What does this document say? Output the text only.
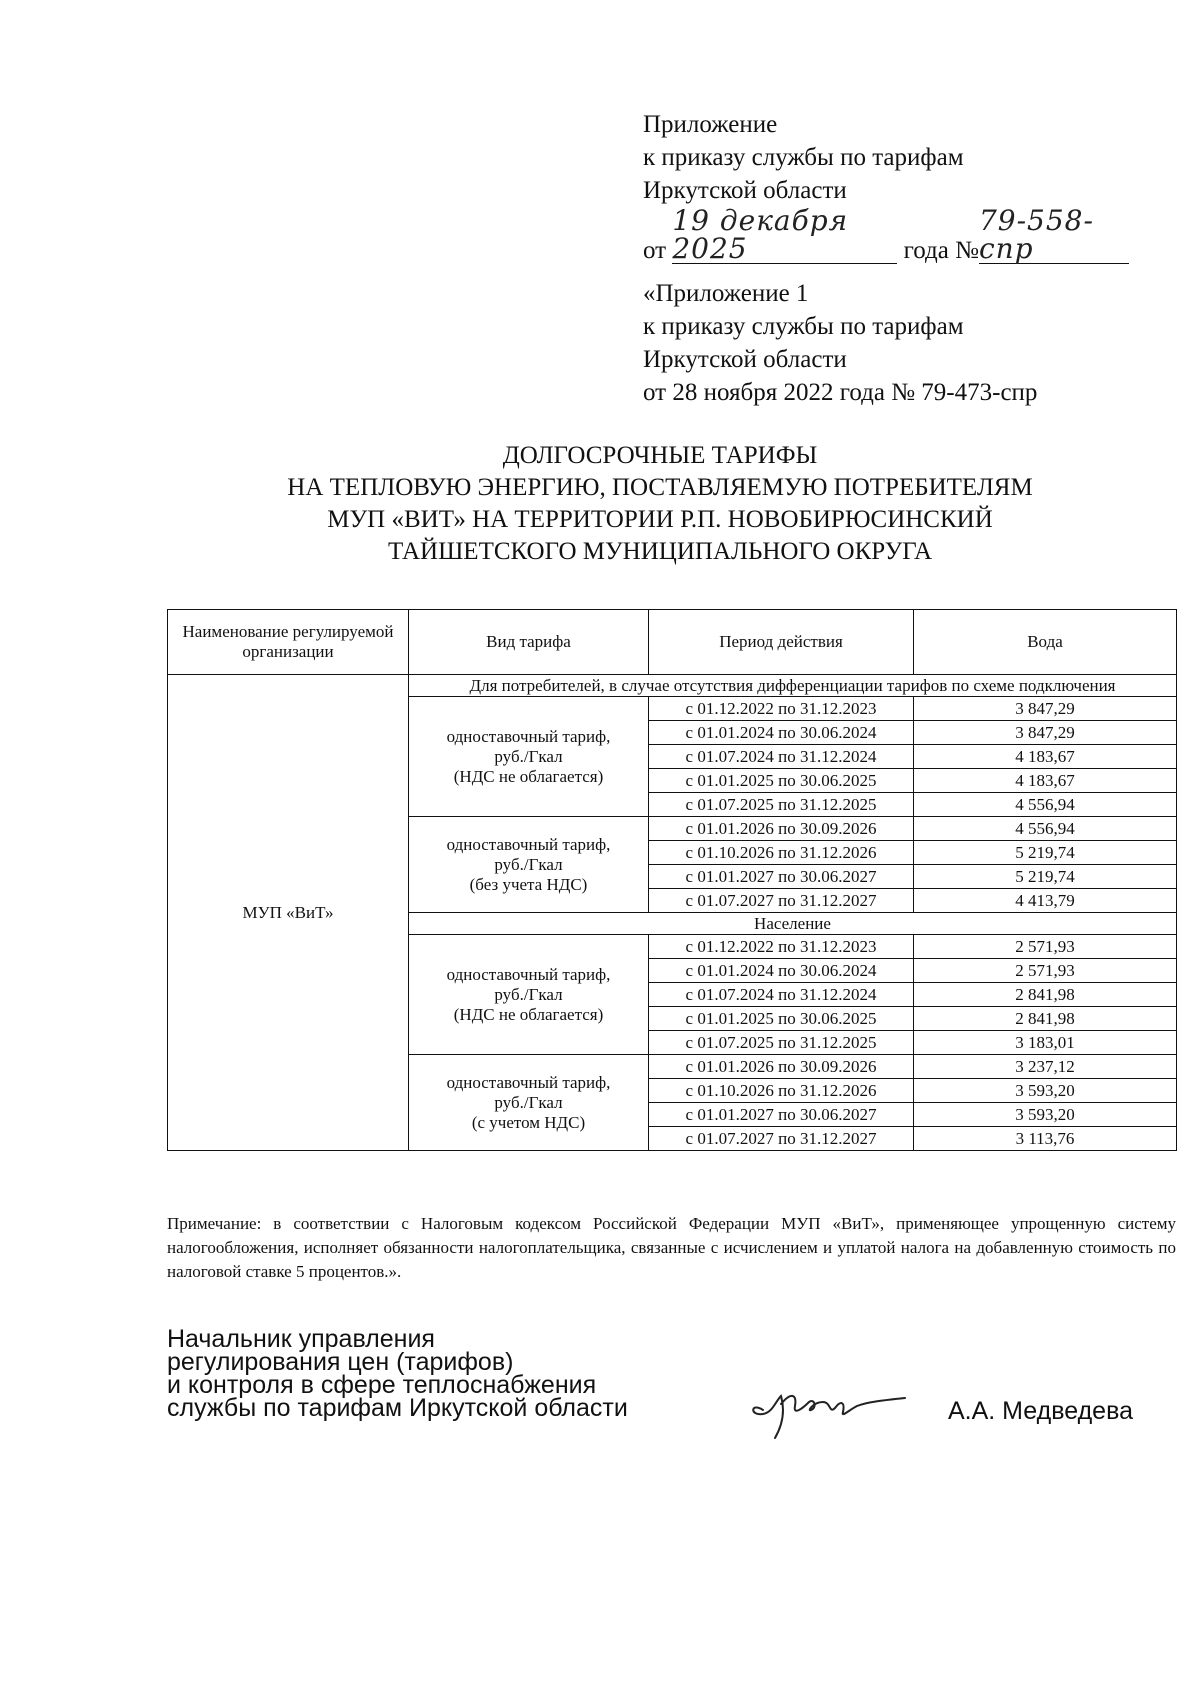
Приложение
к приказу службы по тарифам
Иркутской области
от 19 декабря 2025	года №79-558-спр
«Приложение 1
к приказу службы по тарифам
Иркутской области
от 28 ноября 2022 года № 79-473-спр
ДОЛГОСРОЧНЫЕ ТАРИФЫ
НА ТЕПЛОВУЮ ЭНЕРГИЮ, ПОСТАВЛЯЕМУЮ ПОТРЕБИТЕЛЯМ
МУП «ВИТ» НА ТЕРРИТОРИИ Р.П. НОВОБИРЮСИНСКИЙ
ТАЙШЕТСКОГО МУНИЦИПАЛЬНОГО ОКРУГА
Наименование регулируемой организации	Вид тарифа	Период действия	Вода
МУП «ВиТ»	Для потребителей, в случае отсутствия дифференциации тарифов по схеме подключения		

	одноставочный тариф,
руб./Гкал
(НДС не облагается)	с 01.12.2022 по 31.12.2023	3 847,29
		с 01.01.2024 по 30.06.2024	3 847,29
		с 01.07.2024 по 31.12.2024	4 183,67
		с 01.01.2025 по 30.06.2025	4 183,67
		с 01.07.2025 по 31.12.2025	4 556,94

	одноставочный тариф,
руб./Гкал
(без учета НДС)	с 01.01.2026 по 30.09.2026	4 556,94
		с 01.10.2026 по 31.12.2026	5 219,74
		с 01.01.2027 по 30.06.2027	5 219,74
		с 01.07.2027 по 31.12.2027	4 413,79
	Население		

	одноставочный тариф,
руб./Гкал
(НДС не облагается)	с 01.12.2022 по 31.12.2023	2 571,93
		с 01.01.2024 по 30.06.2024	2 571,93
		с 01.07.2024 по 31.12.2024	2 841,98
		с 01.01.2025 по 30.06.2025	2 841,98
		с 01.07.2025 по 31.12.2025	3 183,01

	одноставочный тариф,
руб./Гкал
(с учетом НДС)	с 01.01.2026 по 30.09.2026	3 237,12
		с 01.10.2026 по 31.12.2026	3 593,20
		с 01.01.2027 по 30.06.2027	3 593,20
		с 01.07.2027 по 31.12.2027	3 113,76
Примечание: в соответствии с Налоговым кодексом Российской Федерации МУП «ВиТ», применяющее упрощенную систему налогообложения, исполняет обязанности налогоплательщика, связанные с исчислением и уплатой налога на добавленную стоимость по налоговой ставке 5 процентов.».
Начальник управления
регулирования цен (тарифов)
и контроля в сфере теплоснабжения
службы по тарифам Иркутской области	А.А. Медведева
